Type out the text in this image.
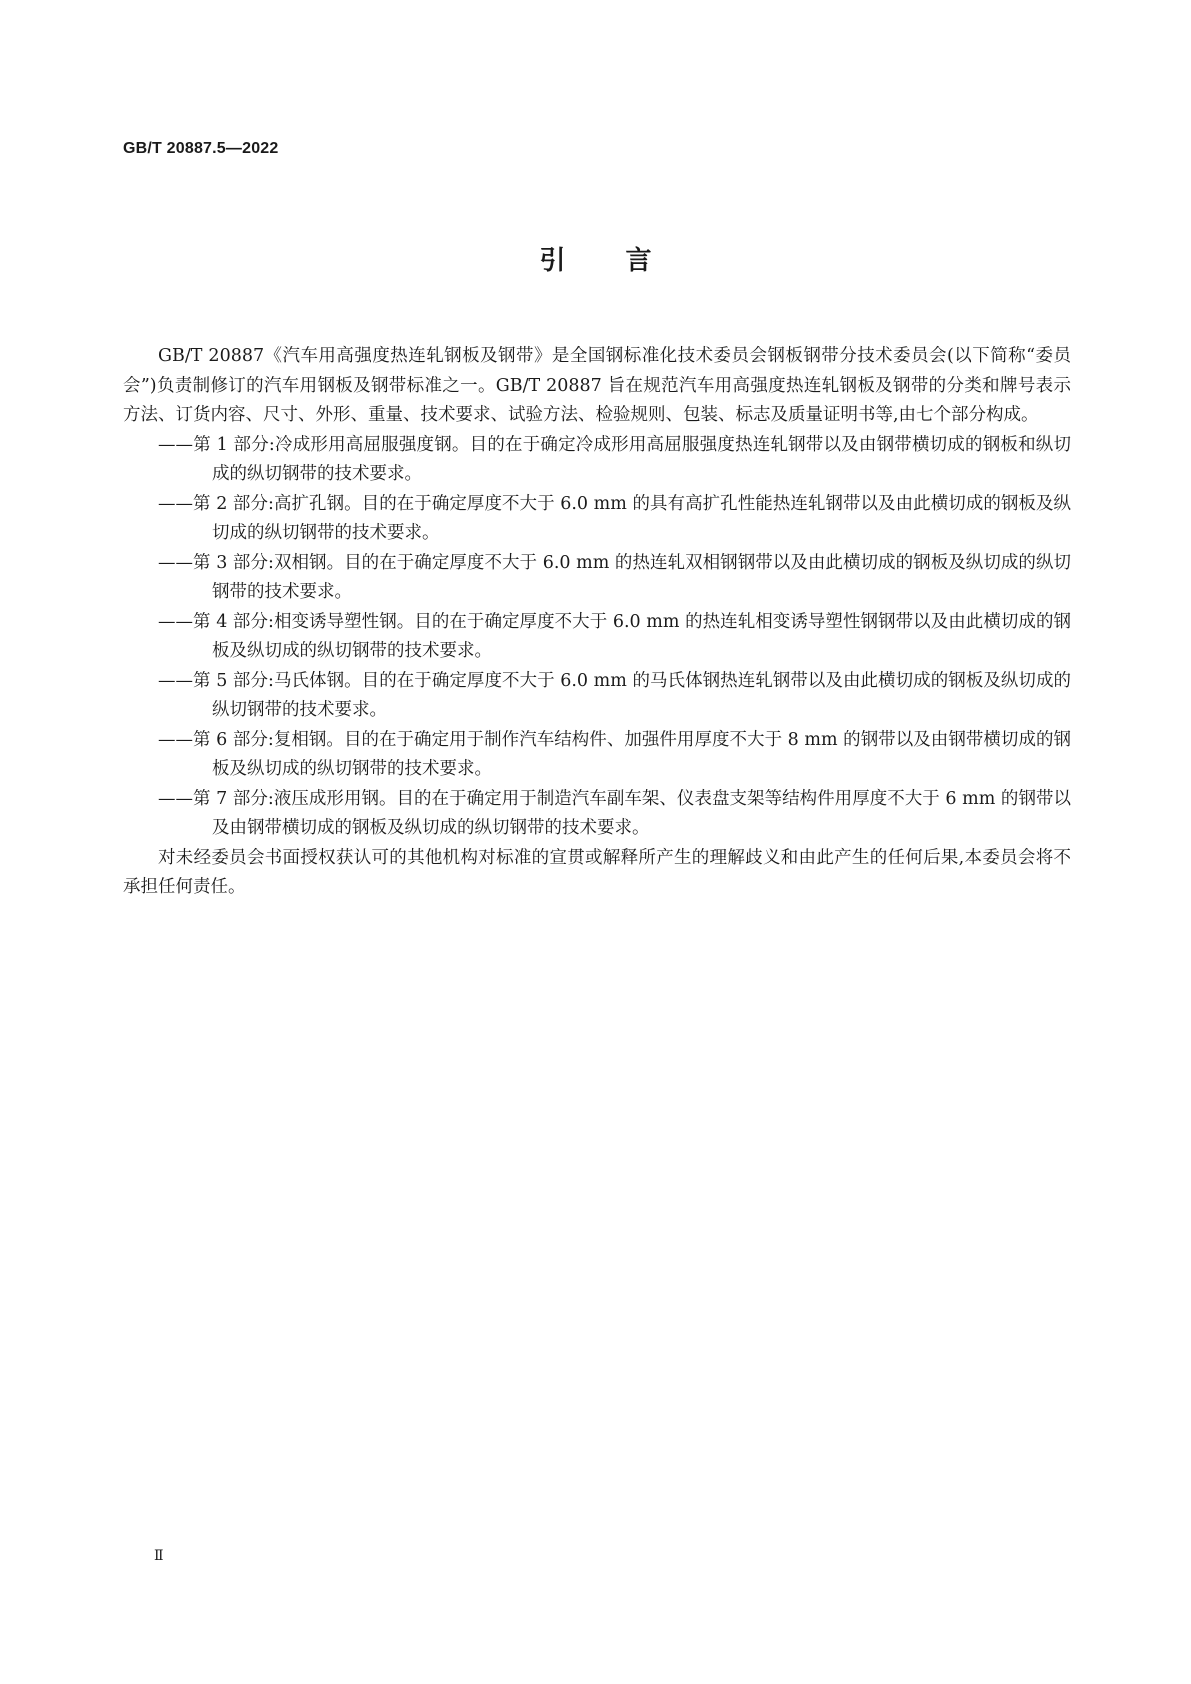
GB/T 20887.5—2022
引言

GB/T 20887《汽车用高强度热连轧钢板及钢带》是全国钢标准化技术委员会钢板钢带分技术委员会(以下简称“委员会”)负责制修订的汽车用钢板及钢带标准之一。GB/T 20887 旨在规范汽车用高强度热连轧钢板及钢带的分类和牌号表示方法、订货内容、尺寸、外形、重量、技术要求、试验方法、检验规则、包装、标志及质量证明书等,由七个部分构成。

——第 1 部分:冷成形用高屈服强度钢。目的在于确定冷成形用高屈服强度热连轧钢带以及由钢带横切成的钢板和纵切成的纵切钢带的技术要求。

——第 2 部分:高扩孔钢。目的在于确定厚度不大于 6.0 mm 的具有高扩孔性能热连轧钢带以及由此横切成的钢板及纵切成的纵切钢带的技术要求。

——第 3 部分:双相钢。目的在于确定厚度不大于 6.0 mm 的热连轧双相钢钢带以及由此横切成的钢板及纵切成的纵切钢带的技术要求。

——第 4 部分:相变诱导塑性钢。目的在于确定厚度不大于 6.0 mm 的热连轧相变诱导塑性钢钢带以及由此横切成的钢板及纵切成的纵切钢带的技术要求。

——第 5 部分:马氏体钢。目的在于确定厚度不大于 6.0 mm 的马氏体钢热连轧钢带以及由此横切成的钢板及纵切成的纵切钢带的技术要求。

——第 6 部分:复相钢。目的在于确定用于制作汽车结构件、加强件用厚度不大于 8 mm 的钢带以及由钢带横切成的钢板及纵切成的纵切钢带的技术要求。

——第 7 部分:液压成形用钢。目的在于确定用于制造汽车副车架、仪表盘支架等结构件用厚度不大于 6 mm 的钢带以及由钢带横切成的钢板及纵切成的纵切钢带的技术要求。

对未经委员会书面授权获认可的其他机构对标准的宣贯或解释所产生的理解歧义和由此产生的任何后果,本委员会将不承担任何责任。

Ⅱ
